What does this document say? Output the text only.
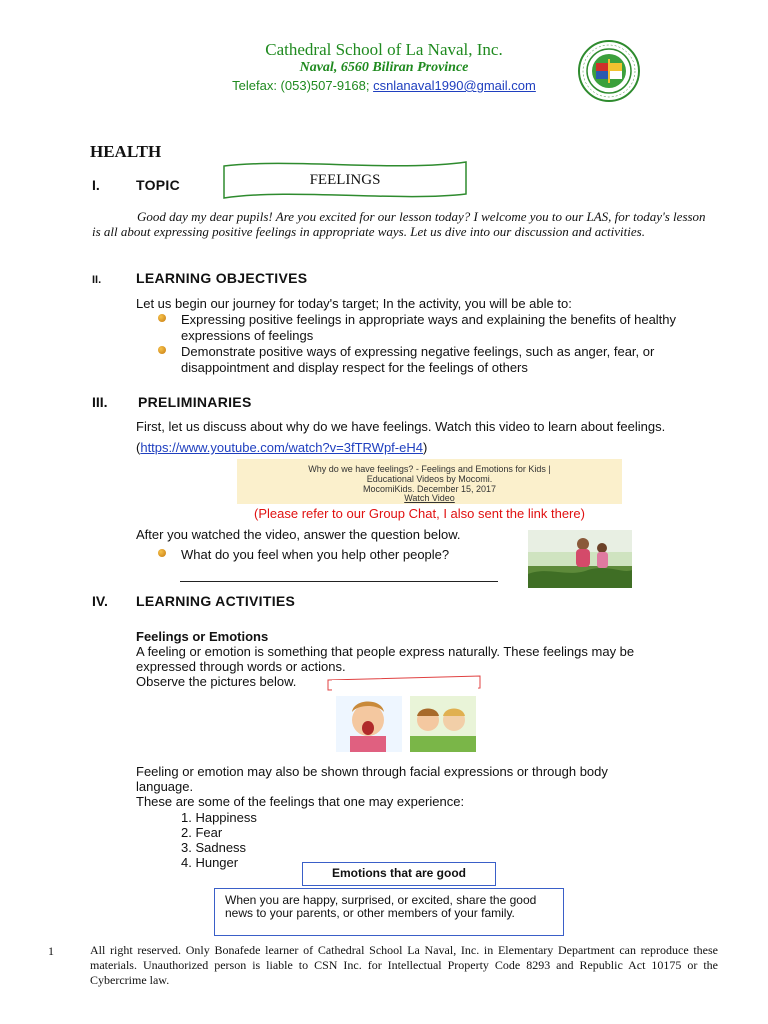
Cathedral School of La Naval, Inc.
Naval, 6560 Biliran Province
Telefax: (053)507-9168; csnlanaval1990@gmail.com
HEALTH
I.	TOPIC	FEELINGS
Good day my dear pupils! Are you excited for our lesson today? I welcome you to our LAS, for today's lesson is all about expressing positive feelings in appropriate ways. Let us dive into our discussion and activities.
II. LEARNING OBJECTIVES
Let us begin our journey for today's target; In the activity, you will be able to:
Expressing positive feelings in appropriate ways and explaining the benefits of healthy
expressions of feelings
Demonstrate positive ways of expressing negative feelings, such as anger, fear, or
disappointment and display respect for the feelings of others
III. PRELIMINARIES
First, let us discuss about why do we have feelings. Watch this video to learn about feelings.
(https://www.youtube.com/watch?v=3fTRWpf-eH4)
Why do we have feelings? - Feelings and Emotions for Kids |
Educational Videos by Mocomi.
MocomiKids. December 15, 2017
Watch Video
(Please refer to our Group Chat, I also sent the link there)
After you watched the video, answer the question below.
What do you feel when you help other people?
IV. LEARNING ACTIVITIES
Feelings or Emotions
A feeling or emotion is something that people express naturally. These feelings may be
expressed through words or actions.
Observe the pictures below.
Feeling or emotion may also be shown through facial expressions or through body
language.
These are some of the feelings that one may experience:
1. Happiness
2. Fear
3. Sadness
4. Hunger
Emotions that are good
When you are happy, surprised, or excited, share the good news to your parents, or other members of your family.
1	All right reserved. Only Bonafede learner of Cathedral School La Naval, Inc. in Elementary Department can reproduce these materials. Unauthorized person is liable to CSN Inc. for Intellectual Property Code 8293 and Republic Act 10175 or the Cybercrime law.
